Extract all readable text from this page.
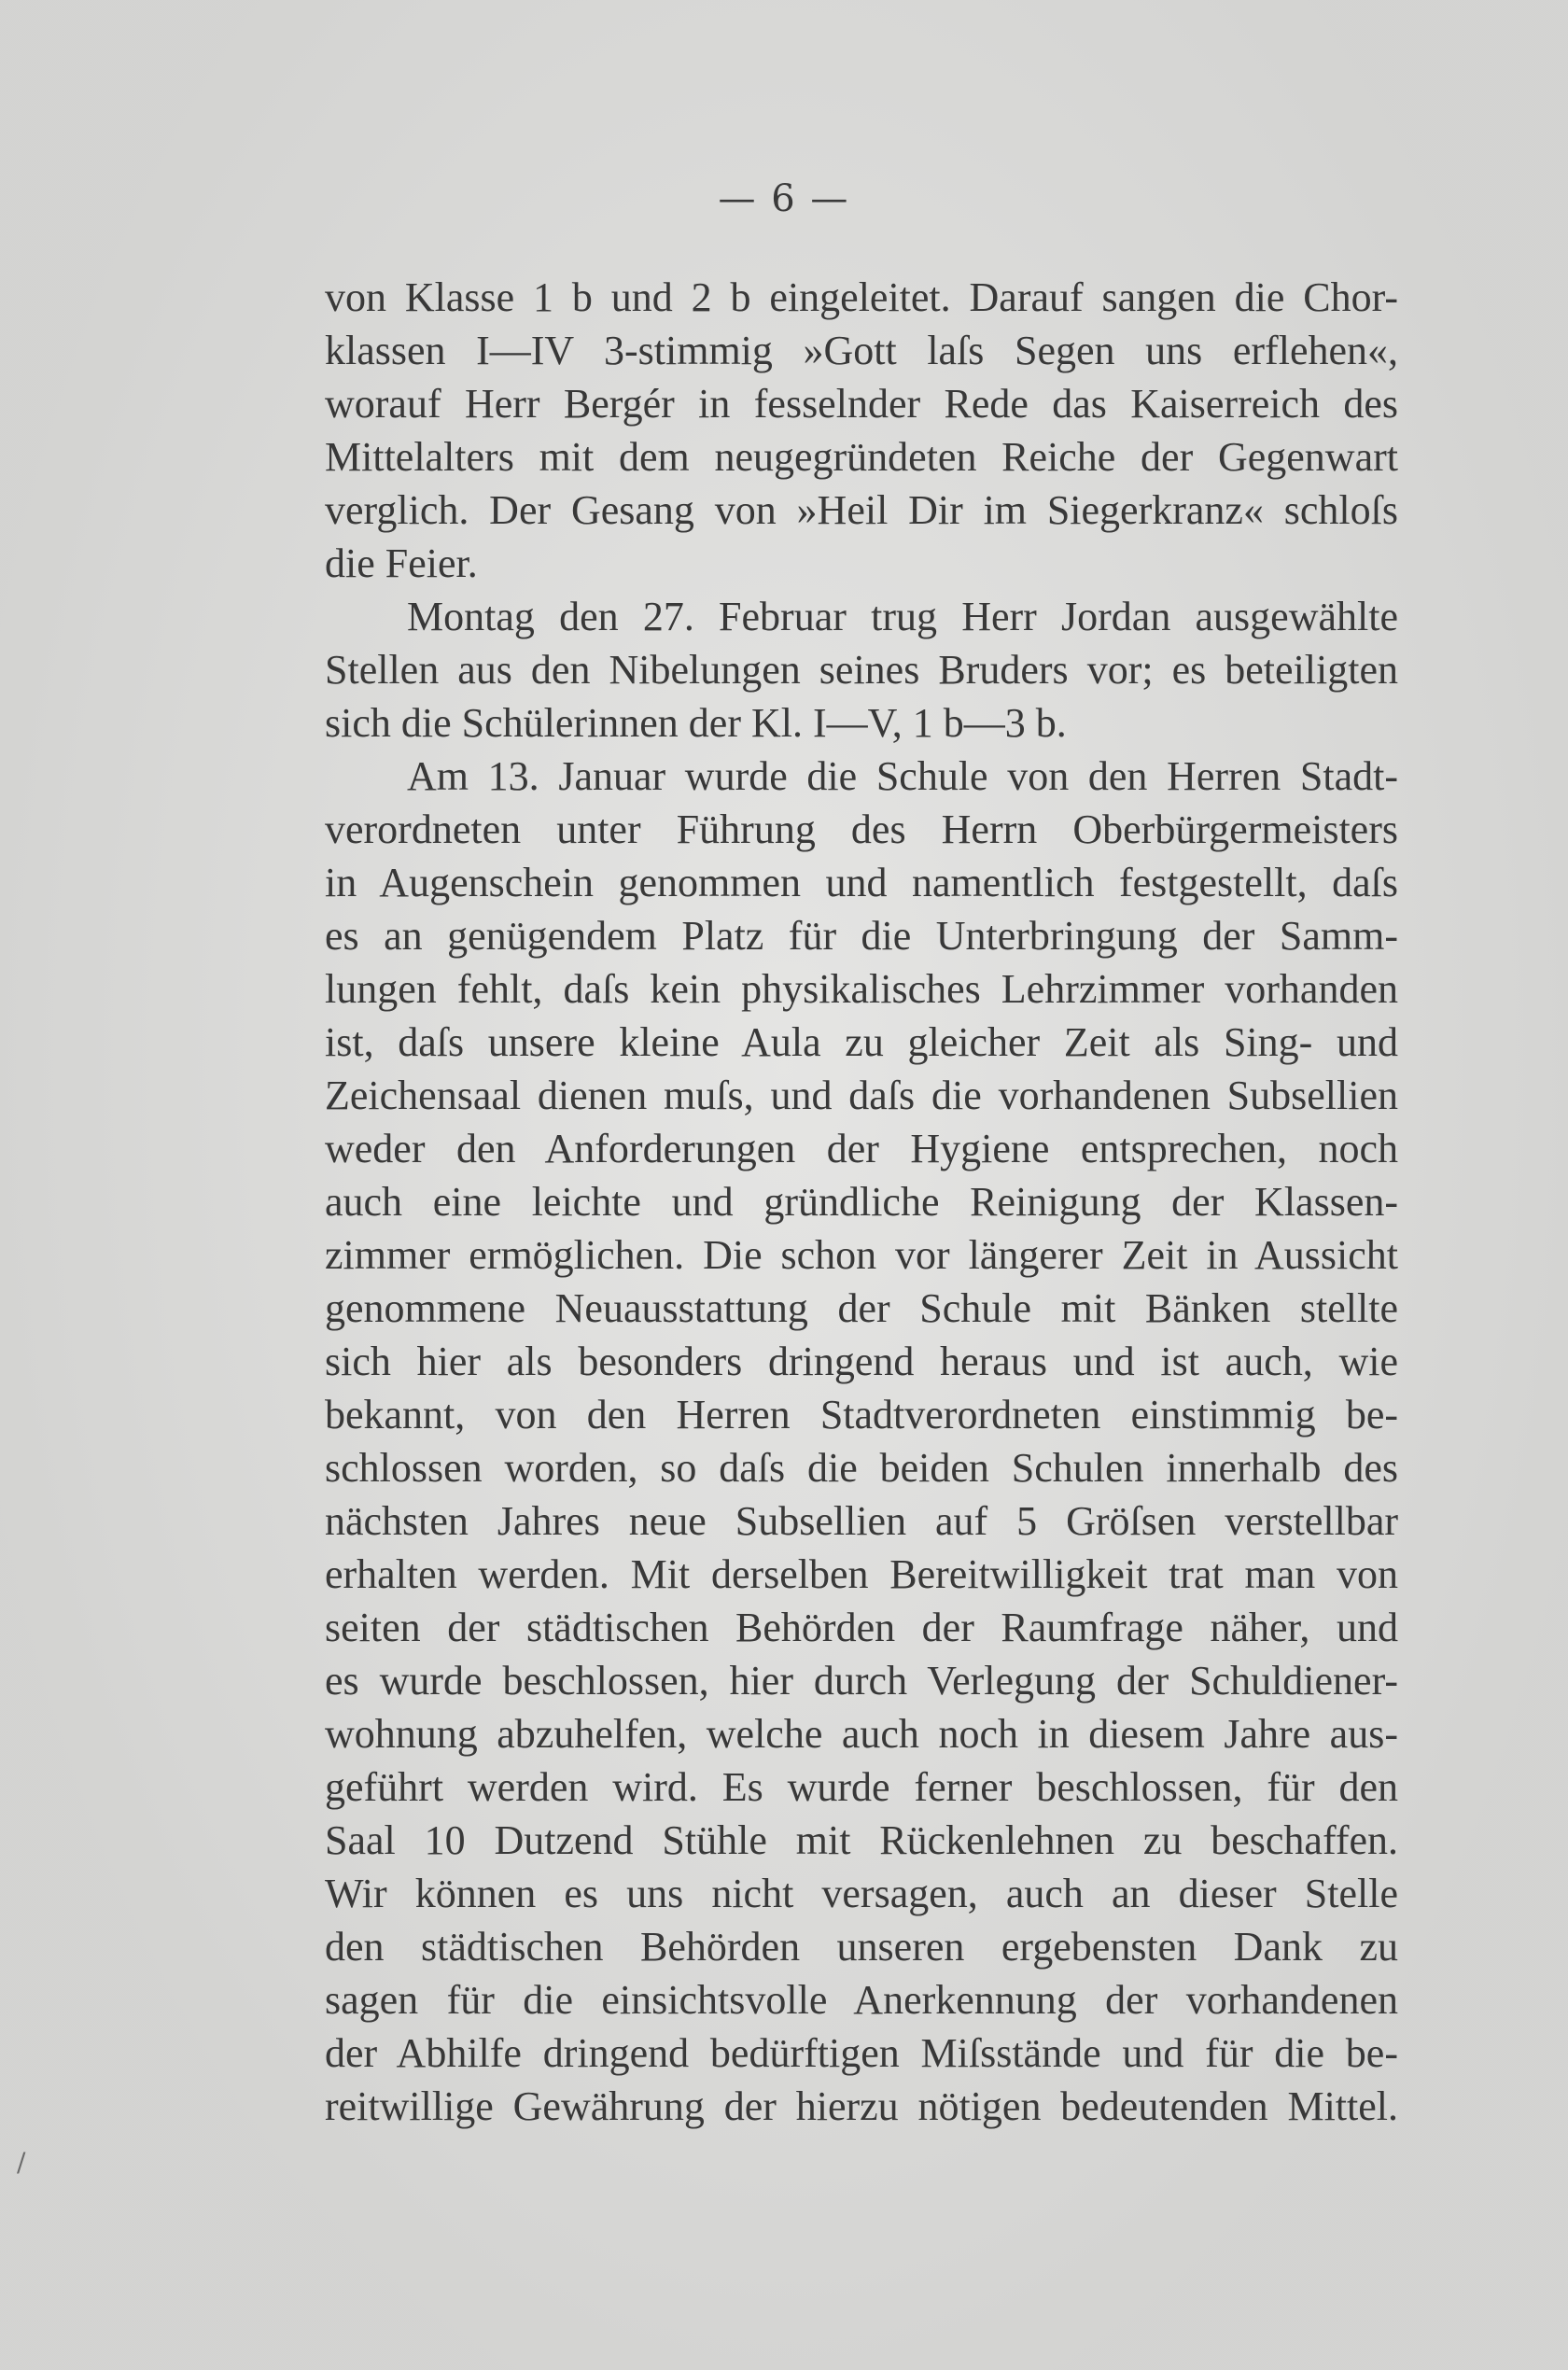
— 6 —
von Klasse 1 b und 2 b eingeleitet. Darauf sangen die Chor-
klassen I—IV 3-stimmig »Gott laſs Segen uns erflehen«,
worauf Herr Bergér in fesselnder Rede das Kaiserreich des
Mittelalters mit dem neugegründeten Reiche der Gegenwart
verglich. Der Gesang von »Heil Dir im Siegerkranz« schloſs
die Feier.
Montag den 27. Februar trug Herr Jordan ausgewählte
Stellen aus den Nibelungen seines Bruders vor; es beteiligten
sich die Schülerinnen der Kl. I—V, 1 b—3 b.
Am 13. Januar wurde die Schule von den Herren Stadt-
verordneten unter Führung des Herrn Oberbürgermeisters
in Augenschein genommen und namentlich festgestellt, daſs
es an genügendem Platz für die Unterbringung der Samm-
lungen fehlt, daſs kein physikalisches Lehrzimmer vorhanden
ist, daſs unsere kleine Aula zu gleicher Zeit als Sing- und
Zeichensaal dienen muſs, und daſs die vorhandenen Subsellien
weder den Anforderungen der Hygiene entsprechen, noch
auch eine leichte und gründliche Reinigung der Klassen-
zimmer ermöglichen. Die schon vor längerer Zeit in Aussicht
genommene Neuausstattung der Schule mit Bänken stellte
sich hier als besonders dringend heraus und ist auch, wie
bekannt, von den Herren Stadtverordneten einstimmig be-
schlossen worden, so daſs die beiden Schulen innerhalb des
nächsten Jahres neue Subsellien auf 5 Gröſsen verstellbar
erhalten werden. Mit derselben Bereitwilligkeit trat man von
seiten der städtischen Behörden der Raumfrage näher, und
es wurde beschlossen, hier durch Verlegung der Schuldiener-
wohnung abzuhelfen, welche auch noch in diesem Jahre aus-
geführt werden wird. Es wurde ferner beschlossen, für den
Saal 10 Dutzend Stühle mit Rückenlehnen zu beschaffen.
Wir können es uns nicht versagen, auch an dieser Stelle
den städtischen Behörden unseren ergebensten Dank zu
sagen für die einsichtsvolle Anerkennung der vorhandenen
der Abhilfe dringend bedürftigen Miſsstände und für die be-
reitwillige Gewährung der hierzu nötigen bedeutenden Mittel.
/
